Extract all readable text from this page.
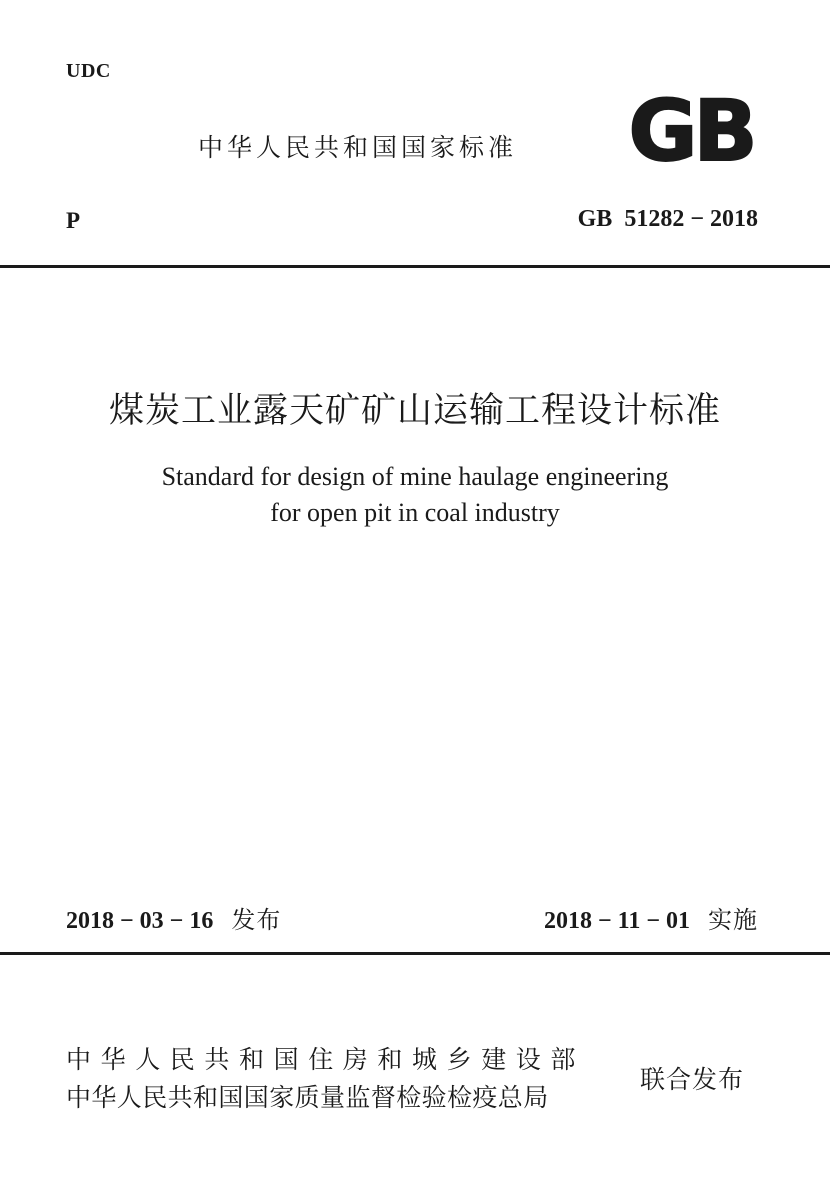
UDC
中华人民共和国国家标准 GB
P	GB  51282 − 2018
煤炭工业露天矿矿山运输工程设计标准
Standard for design of mine haulage engineering
for open pit in coal industry
2018 − 03 − 16 发布	2018 − 11 − 01 实施
中华人民共和国住房和城乡建设部
中华人民共和国国家质量监督检验检疫总局
联合发布
